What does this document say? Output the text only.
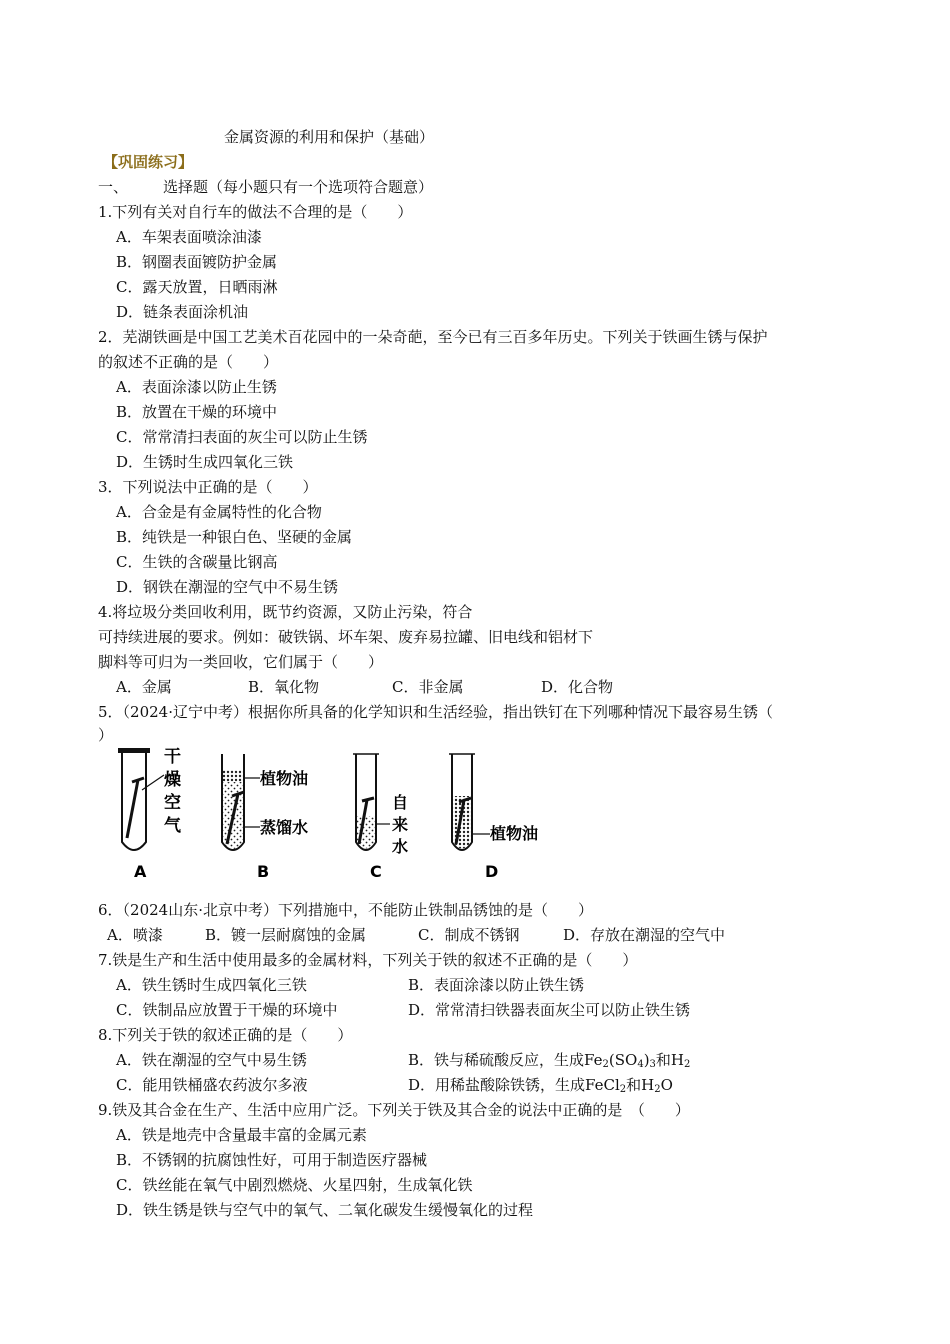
金属资源的利用和保护（基础）
【巩固练习】
一、 选择题（每小题只有一个选项符合题意）
1.下列有关对自行车的做法不合理的是（　　）
A．车架表面喷涂油漆
B．钢圈表面镀防护金属
C．露天放置，日晒雨淋
D．链条表面涂机油
2．芜湖铁画是中国工艺美术百花园中的一朵奇葩，至今已有三百多年历史。下列关于铁画生锈与保护
的叙述不正确的是（　　）
A．表面涂漆以防止生锈
B．放置在干燥的环境中
C．常常清扫表面的灰尘可以防止生锈
D．生锈时生成四氧化三铁
3．下列说法中正确的是（　　）
A．合金是有金属特性的化合物
B．纯铁是一种银白色、坚硬的金属
C．生铁的含碳量比钢高
D．钢铁在潮湿的空气中不易生锈
4.将垃圾分类回收利用，既节约资源，又防止污染，符合
可持续进展的要求。例如：破铁锅、坏车架、废弃易拉罐、旧电线和铝材下
脚料等可归为一类回收，它们属于（　　）
A．金属	B．氧化物	C．非金属	D．化合物
5．（2024·辽宁中考）根据你所具备的化学知识和生活经验，指出铁钉在下列哪种情况下最容易生锈（
）
干
燥
空
气
A
植物油
蒸馏水
B
自
来
水
C
植物油
D
6．（2024山东·北京中考）下列措施中，不能防止铁制品锈蚀的是（　　）
A．喷漆	B．镀一层耐腐蚀的金属	C．制成不锈钢	D．存放在潮湿的空气中
7.铁是生产和生活中使用最多的金属材料，下列关于铁的叙述不正确的是（　　）
A．铁生锈时生成四氧化三铁	B．表面涂漆以防止铁生锈
C．铁制品应放置于干燥的环境中	D．常常清扫铁器表面灰尘可以防止铁生锈
8.下列关于铁的叙述正确的是（　　）
A．铁在潮湿的空气中易生锈	B．铁与稀硫酸反应，生成$Fe_2(SO_4)_3$和$H_2$
C．能用铁桶盛农药波尔多液	D．用稀盐酸除铁锈，生成FeCl$_2$和$H_2O$
9.铁及其合金在生产、生活中应用广泛。下列关于铁及其合金的说法中正确的是　（　　）
A．铁是地壳中含量最丰富的金属元素
B．不锈钢的抗腐蚀性好，可用于制造医疗器械
C．铁丝能在氧气中剧烈燃烧、火星四射，生成氧化铁
D．铁生锈是铁与空气中的氧气、二氧化碳发生缓慢氧化的过程
